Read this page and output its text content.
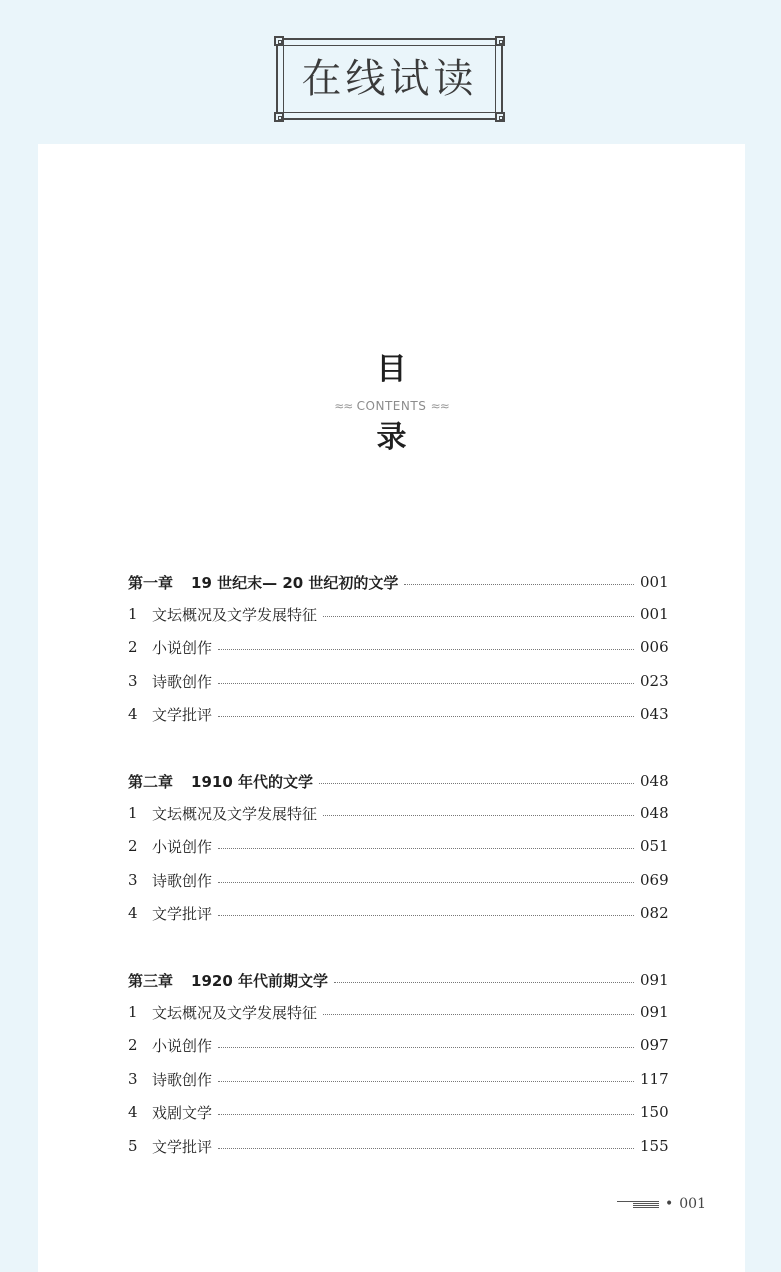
在线试读
目
≈≈ CONTENTS ≈≈
录
第一章 19 世纪末— 20 世纪初的文学	001
1 文坛概况及文学发展特征	001
2 小说创作	006
3 诗歌创作	023
4 文学批评	043
第二章 1910 年代的文学	048
1 文坛概况及文学发展特征	048
2 小说创作	051
3 诗歌创作	069
4 文学批评	082
第三章 1920 年代前期文学	091
1 文坛概况及文学发展特征	091
2 小说创作	097
3 诗歌创作	117
4 戏剧文学	150
5 文学批评	155
• 001
